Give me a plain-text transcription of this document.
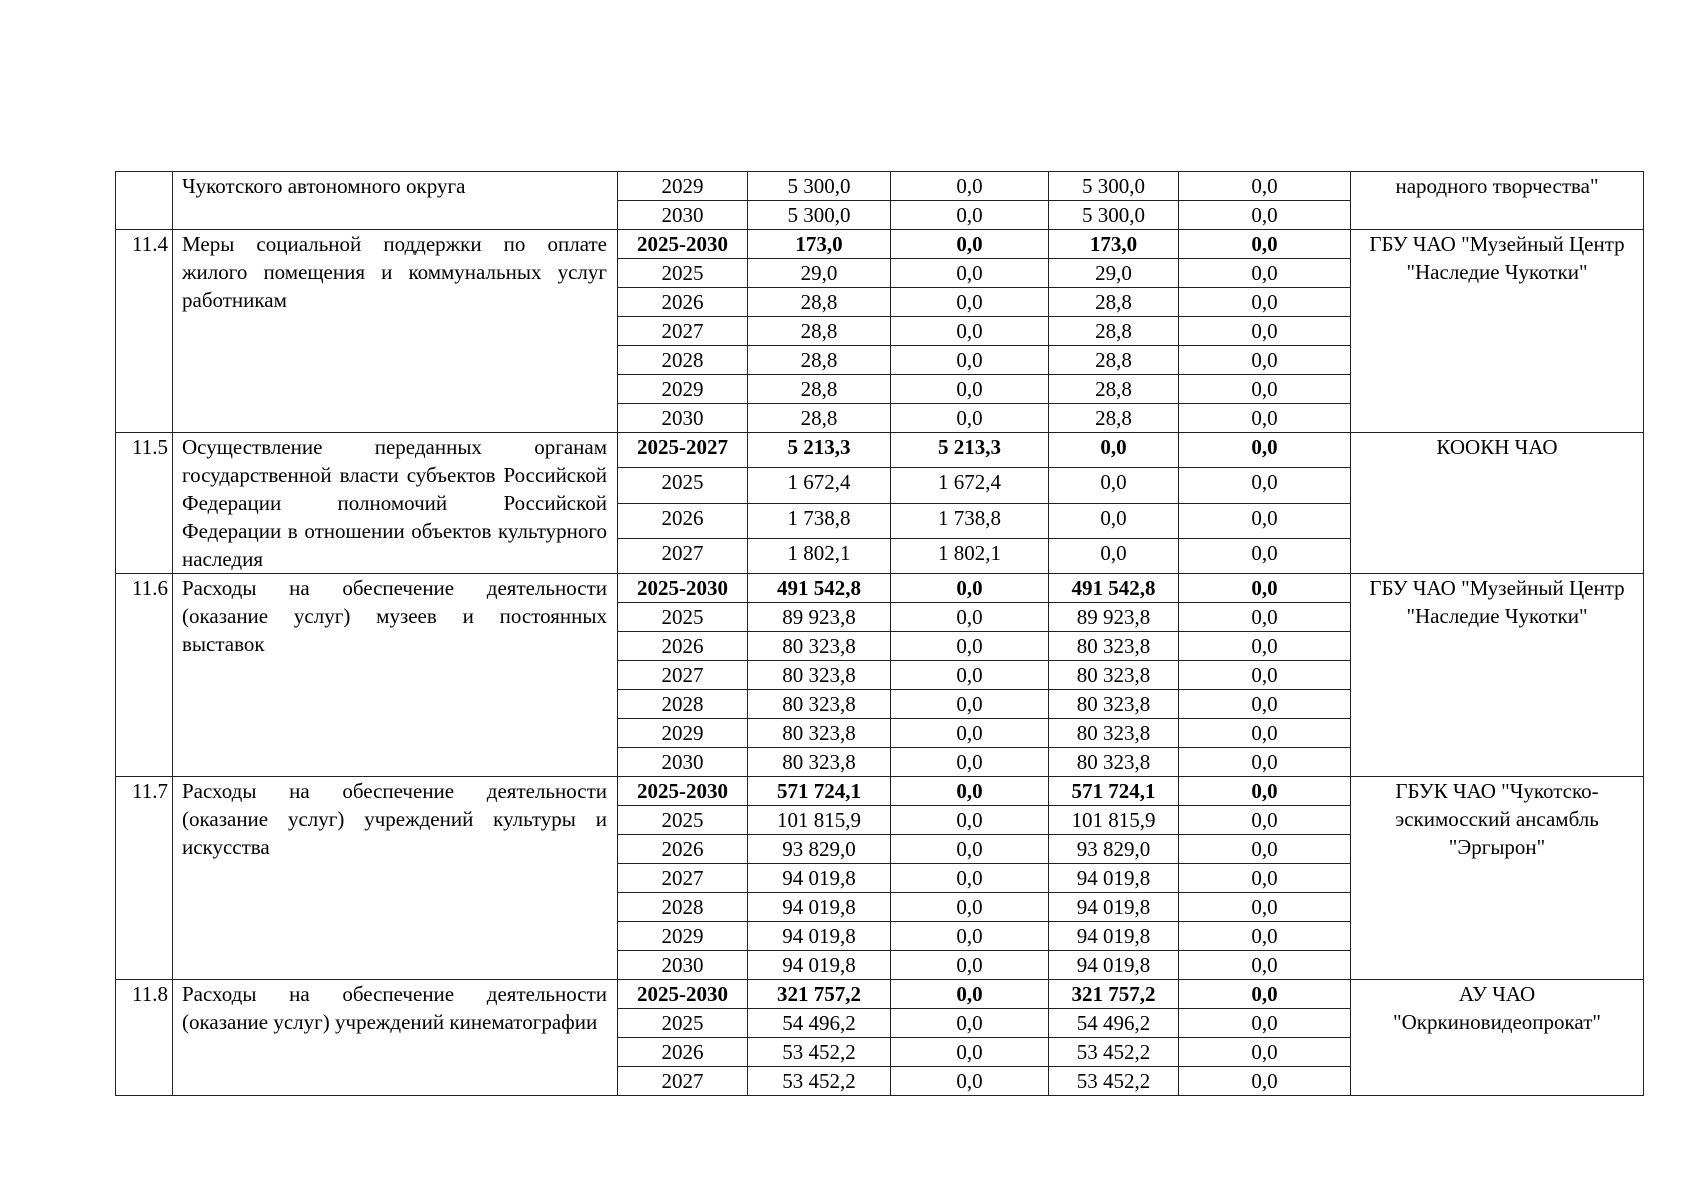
	Чукотского автономного округа	2029	5 300,0	0,0	5 300,0	0,0	народного творчества"
		2030	5 300,0	0,0	5 300,0	0,0	
11.4	Меры социальной поддержки по оплате жилого помещения и коммунальных услуг работникам	2025-2030	173,0	0,0	173,0	0,0	ГБУ ЧАО "Музейный Центр "Наследие Чукотки"
		2025	29,0	0,0	29,0	0,0	
		2026	28,8	0,0	28,8	0,0	
		2027	28,8	0,0	28,8	0,0	
		2028	28,8	0,0	28,8	0,0	
		2029	28,8	0,0	28,8	0,0	
		2030	28,8	0,0	28,8	0,0	
11.5	Осуществление переданных органам государственной власти субъектов Российской Федерации полномочий Российской Федерации в отношении объектов культурного наследия	2025-2027	5 213,3	5 213,3	0,0	0,0	КООКН ЧАО
		2025	1 672,4	1 672,4	0,0	0,0	
		2026	1 738,8	1 738,8	0,0	0,0	
		2027	1 802,1	1 802,1	0,0	0,0	
11.6	Расходы на обеспечение деятельности (оказание услуг) музеев и постоянных выставок	2025-2030	491 542,8	0,0	491 542,8	0,0	ГБУ ЧАО "Музейный Центр "Наследие Чукотки"
		2025	89 923,8	0,0	89 923,8	0,0	
		2026	80 323,8	0,0	80 323,8	0,0	
		2027	80 323,8	0,0	80 323,8	0,0	
		2028	80 323,8	0,0	80 323,8	0,0	
		2029	80 323,8	0,0	80 323,8	0,0	
		2030	80 323,8	0,0	80 323,8	0,0	
11.7	Расходы на обеспечение деятельности (оказание услуг) учреждений культуры и искусства	2025-2030	571 724,1	0,0	571 724,1	0,0	ГБУК ЧАО "Чукотско-эскимосский ансамбль "Эргырон"
		2025	101 815,9	0,0	101 815,9	0,0	
		2026	93 829,0	0,0	93 829,0	0,0	
		2027	94 019,8	0,0	94 019,8	0,0	
		2028	94 019,8	0,0	94 019,8	0,0	
		2029	94 019,8	0,0	94 019,8	0,0	
		2030	94 019,8	0,0	94 019,8	0,0	
11.8	Расходы на обеспечение деятельности (оказание услуг) учреждений кинематографии	2025-2030	321 757,2	0,0	321 757,2	0,0	АУ ЧАО "Окркиновидеопрокат"
		2025	54 496,2	0,0	54 496,2	0,0	
		2026	53 452,2	0,0	53 452,2	0,0	
		2027	53 452,2	0,0	53 452,2	0,0	
